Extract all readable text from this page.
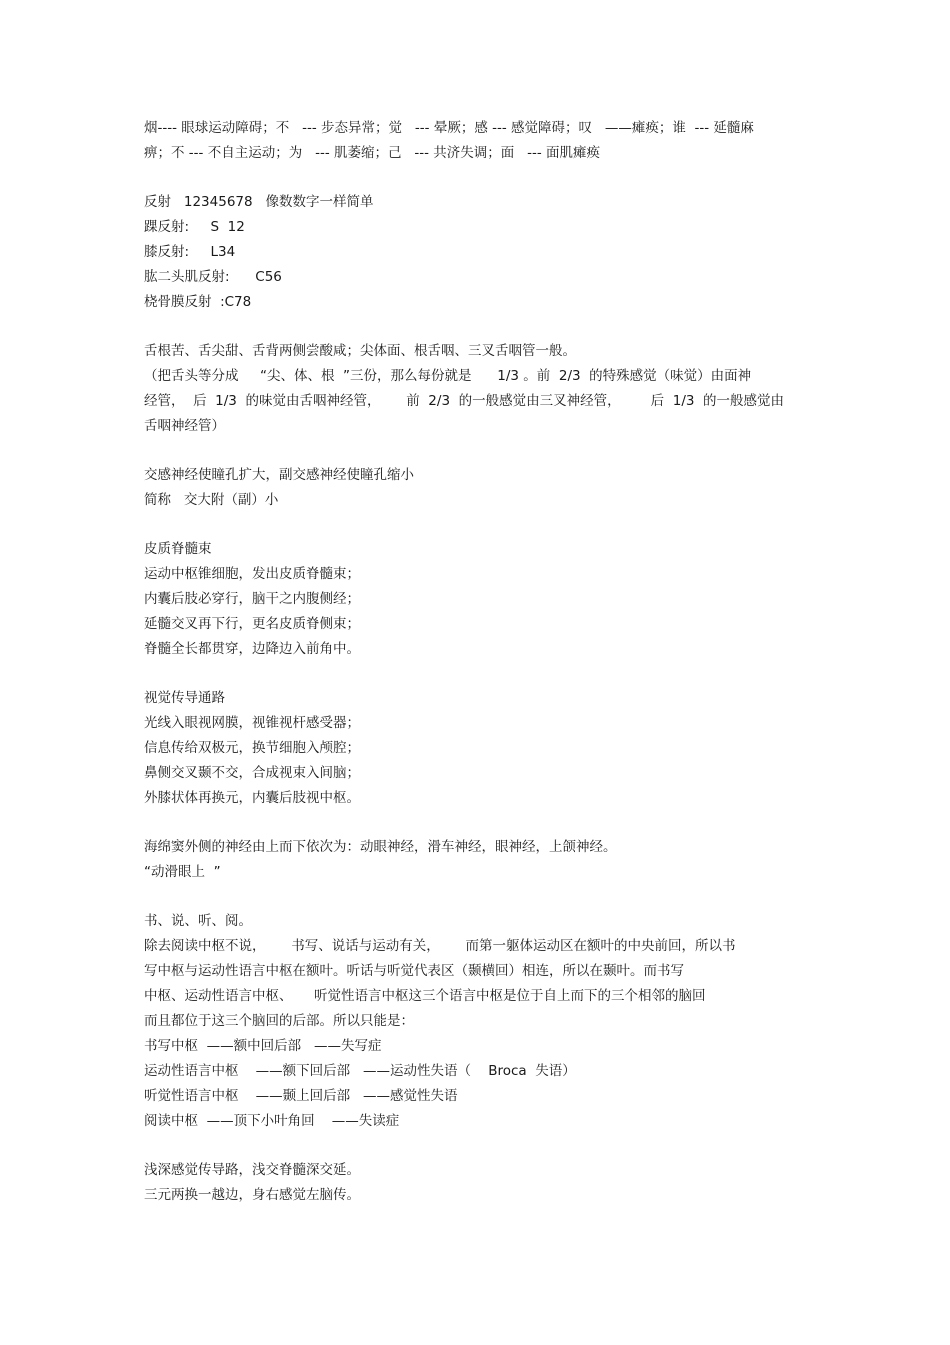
烟---- 眼球运动障碍；不   --- 步态异常；觉   --- 晕厥；感 --- 感觉障碍；叹   ——瘫痪；谁  --- 延髓麻
痹；不 --- 不自主运动；为   --- 肌萎缩；己   --- 共济失调；面   --- 面肌瘫痪
反射   12345678   像数数字一样简单
踝反射:     S  12
膝反射:     L34
肱二头肌反射:      C56
桡骨膜反射  :C78
舌根苦、舌尖甜、舌背两侧尝酸咸；尖体面、根舌咽、三叉舌咽管一般。
（把舌头等分成     “尖、体、根  ”三份，那么每份就是      1/3 。前  2/3  的特殊感觉（味觉）由面神
经管，  后  1/3  的味觉由舌咽神经管，      前  2/3  的一般感觉由三叉神经管，       后  1/3  的一般感觉由
舌咽神经管）
交感神经使瞳孔扩大，副交感神经使瞳孔缩小
简称   交大附（副）小
皮质脊髓束
运动中枢锥细胞，发出皮质脊髓束；
内囊后肢必穿行，脑干之内腹侧经；
延髓交叉再下行，更名皮质脊侧束；
脊髓全长都贯穿，边降边入前角中。
视觉传导通路
光线入眼视网膜，视锥视杆感受器；
信息传给双极元，换节细胞入颅腔；
鼻侧交叉颞不交，合成视束入间脑；
外膝状体再换元，内囊后肢视中枢。
海绵窦外侧的神经由上而下依次为：动眼神经，滑车神经，眼神经，上颌神经。
“动滑眼上  ”
书、说、听、阅。
除去阅读中枢不说，      书写、说话与运动有关，      而第一躯体运动区在额叶的中央前回，所以书
写中枢与运动性语言中枢在额叶。听话与听觉代表区（颞横回）相连，所以在颞叶。而书写
中枢、运动性语言中枢、     听觉性语言中枢这三个语言中枢是位于自上而下的三个相邻的脑回
而且都位于这三个脑回的后部。所以只能是：
书写中枢  ——额中回后部   ——失写症
运动性语言中枢    ——额下回后部   ——运动性失语（    Broca  失语）
听觉性语言中枢    ——颞上回后部   ——感觉性失语
阅读中枢  ——顶下小叶角回    ——失读症
浅深感觉传导路，浅交脊髓深交延。
三元两换一越边，身右感觉左脑传。
